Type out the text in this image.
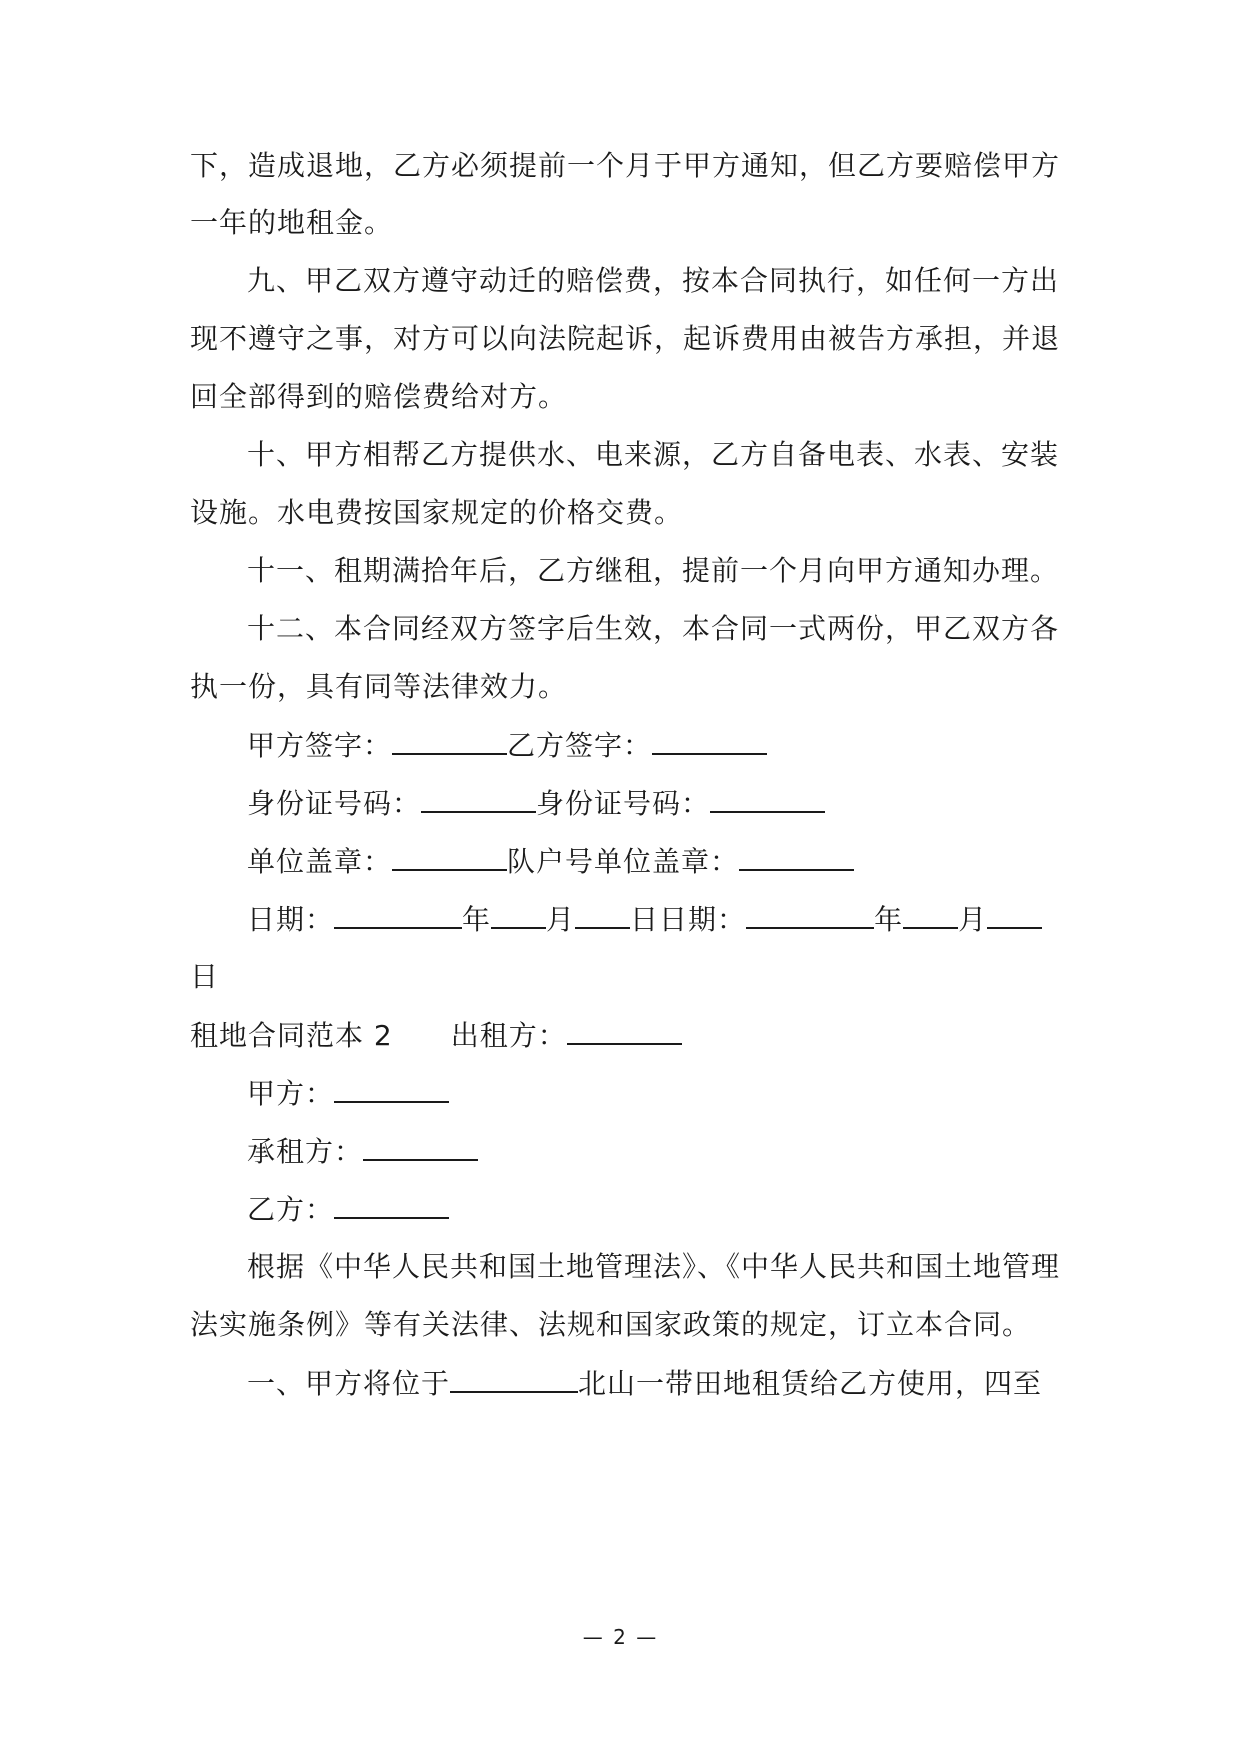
下，造成退地，乙方必须提前一个月于甲方通知，但乙方要赔偿甲方
一年的地租金。
九、甲乙双方遵守动迁的赔偿费，按本合同执行，如任何一方出
现不遵守之事，对方可以向法院起诉，起诉费用由被告方承担，并退
回全部得到的赔偿费给对方。
十、甲方相帮乙方提供水、电来源，乙方自备电表、水表、安装
设施。水电费按国家规定的价格交费。
十一、租期满拾年后，乙方继租，提前一个月向甲方通知办理。
十二、本合同经双方签字后生效，本合同一式两份，甲乙双方各
执一份，具有同等法律效力。
甲方签字：	乙方签字：
身份证号码：	身份证号码：
单位盖章：	队户号单位盖章：
日期：	年 月 日日期：	年 月
日
租地合同范本 2 出租方：
甲方：
承租方：
乙方：
根据《中华人民共和国土地管理法》、《中华人民共和国土地管理
法实施条例》等有关法律、法规和国家政策的规定，订立本合同。
一、甲方将位于	北山一带田地租赁给乙方使用，四至
— 2 —
